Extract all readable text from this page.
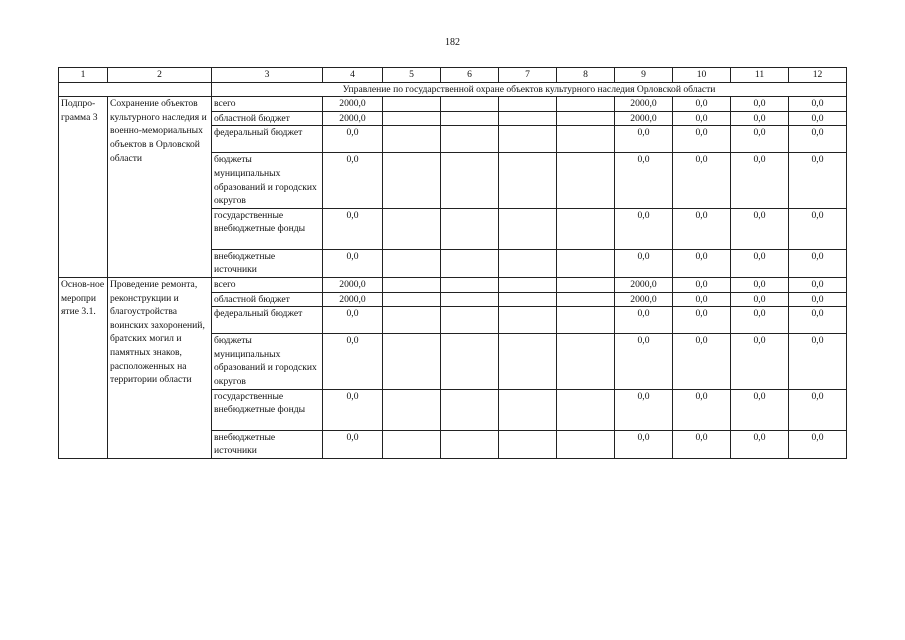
182
1	2	3	4	5	6	7	8	9	10	11	12
		Управление по государственной охране объектов культурного наследия Орловской области									
Подпро-грамма 3	Сохранение объектов культурного наследия и военно-мемориальных объектов в Орловской области	всего	2000,0					2000,0	0,0	0,0	0,0
		областной бюджет	2000,0					2000,0	0,0	0,0	0,0
		федеральный бюджет	0,0					0,0	0,0	0,0	0,0
		бюджеты муниципальных образований и городских округов	0,0					0,0	0,0	0,0	0,0
		государственные внебюджетные фонды	0,0					0,0	0,0	0,0	0,0
		внебюджетные источники	0,0					0,0	0,0	0,0	0,0
Основ-ное меропри ятие 3.1.	Проведение ремонта, реконструкции и благоустройства воинских захоронений, братских могил и памятных знаков, расположенных на территории области	всего	2000,0					2000,0	0,0	0,0	0,0
		областной бюджет	2000,0					2000,0	0,0	0,0	0,0
		федеральный бюджет	0,0					0,0	0,0	0,0	0,0
		бюджеты муниципальных образований и городских округов	0,0					0,0	0,0	0,0	0,0
		государственные внебюджетные фонды	0,0					0,0	0,0	0,0	0,0
		внебюджетные источники	0,0					0,0	0,0	0,0	0,0
